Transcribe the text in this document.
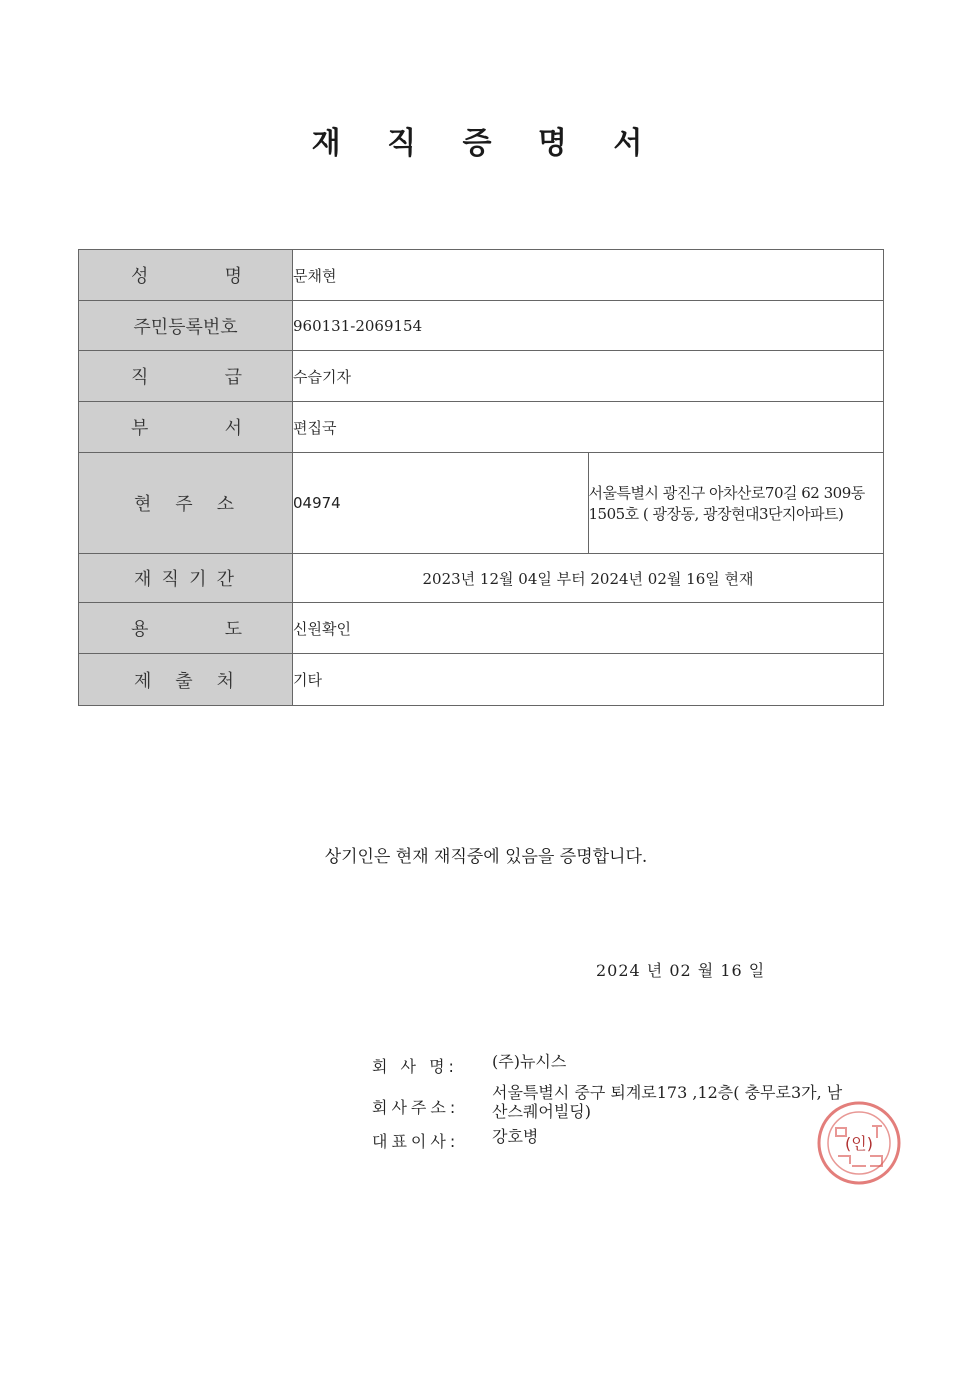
재 직 증 명 서
성 명	문채현	

주민등록번호	960131-2069154	

직 급	수습기자	

부 서	편집국	

현 주 소	04974	서울특별시 광진구 아차산로70길 62 309동 1505호 ( 광장동, 광장현대3단지아파트)

재 직 기 간	2023년 12월 04일 부터 2024년 02월 16일 현재	

용 도	신원확인	

제 출 처	기타	
상기인은 현재 재직중에 있음을 증명합니다.
2024 년 02 월 16 일
회 사 명:	(주)뉴시스
회사주소:
서울특별시 중구 퇴계로173 ,12층( 충무로3가, 남산스퀘어빌딩)
대표이사:	강호병	(인)
